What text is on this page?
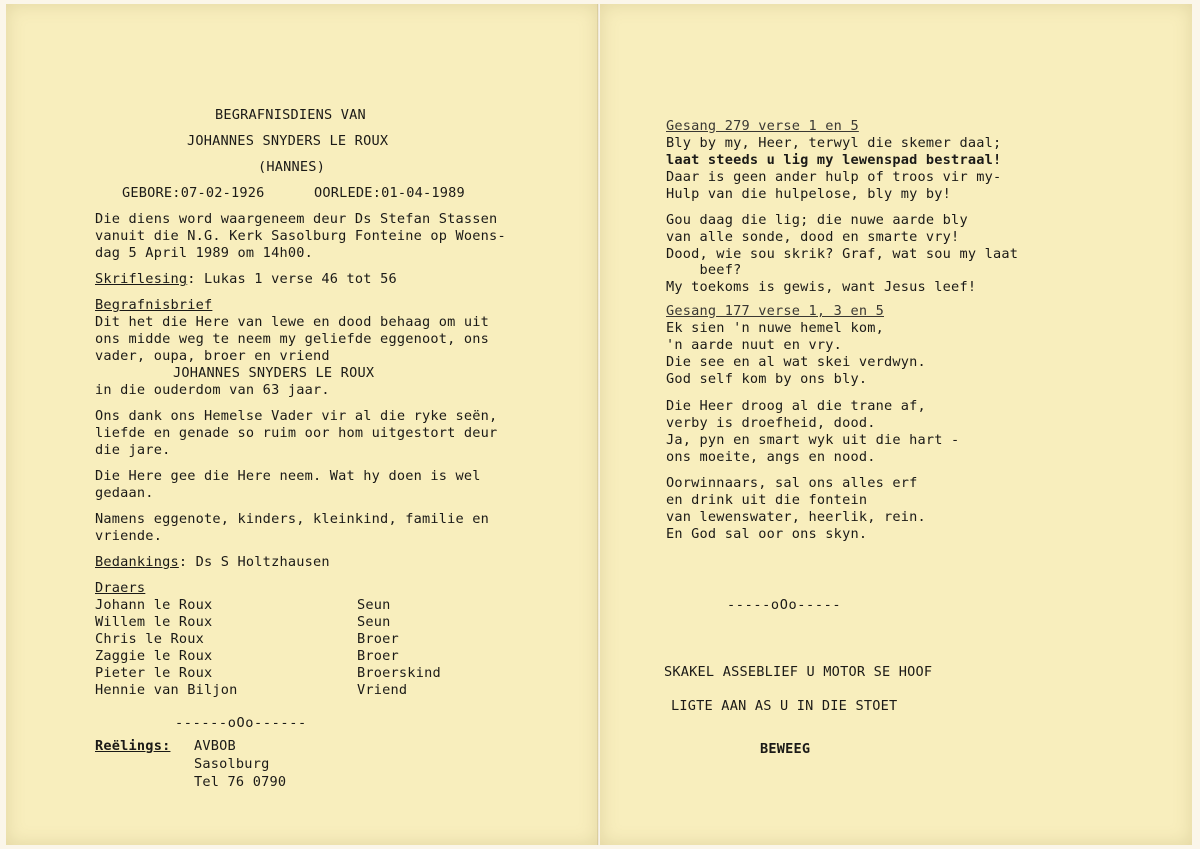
BEGRAFNISDIENS VAN

JOHANNES SNYDERS LE ROUX

(HANNES)

GEBORE:07-02-1926	OORLEDE:01-04-1989

Die diens word waargeneem deur Ds Stefan Stassen

vanuit die N.G. Kerk Sasolburg Fonteine op Woens-

dag 5 April 1989 om 14h00.

Skriflesing: Lukas 1 verse 46 tot 56

Begrafnisbrief

Dit het die Here van lewe en dood behaag om uit

ons midde weg te neem my geliefde eggenoot, ons

vader, oupa, broer en vriend

JOHANNES SNYDERS LE ROUX

in die ouderdom van 63 jaar.

Ons dank ons Hemelse Vader vir al die ryke seën,

liefde en genade so ruim oor hom uitgestort deur

die jare.

Die Here gee die Here neem. Wat hy doen is wel

gedaan.

Namens eggenote, kinders, kleinkind, familie en

vriende.

Bedankings: Ds S Holtzhausen

Draers

Johann le Roux	Seun

Willem le Roux	Seun

Chris le Roux	Broer

Zaggie le Roux	Broer

Pieter le Roux	Broerskind

Hennie van Biljon	Vriend

------oOo------

Reëlings: AVBOB

Sasolburg

Tel 76 0790

Gesang 279 verse 1 en 5

Bly by my, Heer, terwyl die skemer daal;

laat steeds u lig my lewenspad bestraal!

Daar is geen ander hulp of troos vir my-

Hulp van die hulpelose, bly my by!

Gou daag die lig; die nuwe aarde bly

van alle sonde, dood en smarte vry!

Dood, wie sou skrik? Graf, wat sou my laat

beef?

My toekoms is gewis, want Jesus leef!

Gesang 177 verse 1, 3 en 5

Ek sien 'n nuwe hemel kom,

'n aarde nuut en vry.

Die see en al wat skei verdwyn.

God self kom by ons bly.

Die Heer droog al die trane af,

verby is droefheid, dood.

Ja, pyn en smart wyk uit die hart -

ons moeite, angs en nood.

Oorwinnaars, sal ons alles erf

en drink uit die fontein

van lewenswater, heerlik, rein.

En God sal oor ons skyn.

-----oOo-----

SKAKEL ASSEBLIEF U MOTOR SE HOOF

LIGTE AAN AS U IN DIE STOET

BEWEEG
